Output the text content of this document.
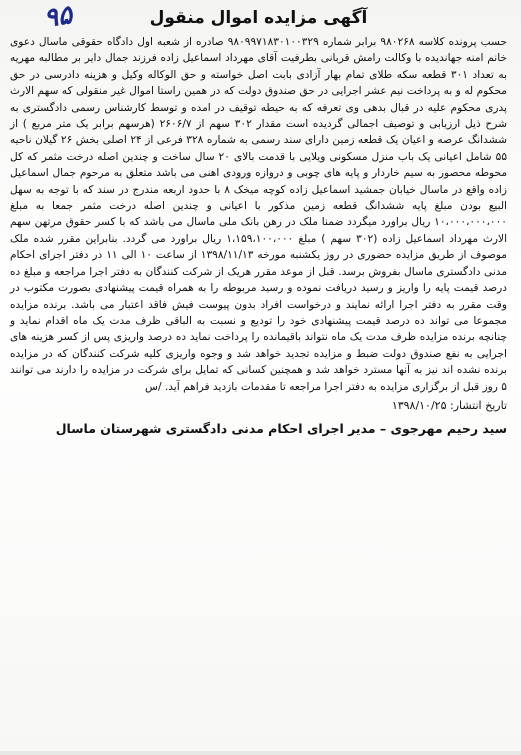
۹۵	آگهی مزایده اموال منقول

حسب پرونده کلاسه ۹۸۰۲۶۸ برابر شماره ۹۸۰۹۹۷۱۸۳۰۱۰۰۳۲۹ صادره از شعبه اول دادگاه حقوقی ماسال دعوی خانم امنه جهاندیده با وکالت رامش قربانی بطرفیت آقای مهرداد اسماعیل زاده فرزند جمال دایر بر مطالبه مهریه به تعداد ۳۰۱ قطعه سکه طلای تمام بهار آزادی بابت اصل خواسته و حق الوکاله وکیل و هزینه دادرسی در حق محکوم له و به پرداخت نیم عشر اجرایی در حق صندوق دولت که در همین راستا اموال غیر منقولی که سهم الارث پدری محکوم علیه در قبال بدهی وی تعرفه که به حیطه توقیف در امده و توسط کارشناس رسمی دادگستری به شرح ذیل ارزیابی و توصیف اجمالی گردیده است مقدار ۳۰۲ سهم از ۲۶۰۶/۷ (هرسهم برابر یک متر مربع ) از ششدانگ عرصه و اعیان یک قطعه زمین دارای سند رسمی به شماره ۳۲۸ فرعی از ۲۴ اصلی بخش ۲۶ گیلان ناحیه ۵۵ شامل اعیانی یک باب منزل مسکونی ویلایی با قدمت بالای ۲۰ سال ساخت و چندین اصله درخت مثمر که کل محوطه محصور به سیم خاردار و پایه های چوبی و دروازه ورودی اهنی می باشد متعلق به مرحوم جمال اسماعیل زاده واقع در ماسال خیابان جمشید اسماعیل زاده کوچه میخک ۸ با حدود اربعه مندرج در سند که با توجه به سهل البیع بودن مبلغ پایه ششدانگ قطعه زمین مذکور با اعیانی و چندین اصله درخت مثمر جمعا به مبلغ ۱۰،۰۰۰،۰۰۰،۰۰۰ ریال براورد میگردد ضمنا ملک در رهن بانک ملی ماسال می باشد که با کسر حقوق مرتهن سهم الارث مهرداد اسماعیل زاده (۳۰۲ سهم ) مبلغ ۱،۱۵۹،۱۰۰،۰۰۰ ریال براورد می گردد. بنابراین مقرر شده ملک موصوف از طریق مزایده حضوری در روز یکشنبه مورخه ۱۳۹۸/۱۱/۱۳ از ساعت ۱۰ الی ۱۱ در دفتر اجرای احکام مدنی دادگستری ماسال بفروش برسد. قبل از موعد مقرر هریک از شرکت کنندگان به دفتر اجرا مراجعه و مبلغ ده درصد قیمت پایه را واریز و رسید دریافت نموده و رسید مربوطه را به همراه قیمت پیشنهادی بصورت مکتوب در وقت مقرر به دفتر اجرا ارائه نمایند و درخواست افراد بدون پیوست فیش فاقد اعتبار می باشد. برنده مزایده مجموعا می تواند ده درصد قیمت پیشنهادی خود را تودیع و نسبت به الباقی ظرف مدت یک ماه اقدام نماید و چنانچه برنده مزایده ظرف مدت یک ماه نتواند باقیمانده را پرداخت نماید ده درصد واریزی پس از کسر هزینه های اجرایی به نفع صندوق دولت ضبط و مزایده تجدید خواهد شد و وجوه واریزی کلیه شرکت کنندگان که در مزایده برنده نشده اند نیز به آنها مسترد خواهد شد و همچنین کسانی که تمایل برای شرکت در مزایده را دارند می توانند ۵ روز قبل از برگزاری مزایده به دفتر اجرا مراجعه تا مقدمات بازدید فراهم آید. /س

تاریخ انتشار: ۱۳۹۸/۱۰/۲۵
سید رحیم مهرجوی – مدیر اجرای احکام مدنی دادگستری شهرستان ماسال
